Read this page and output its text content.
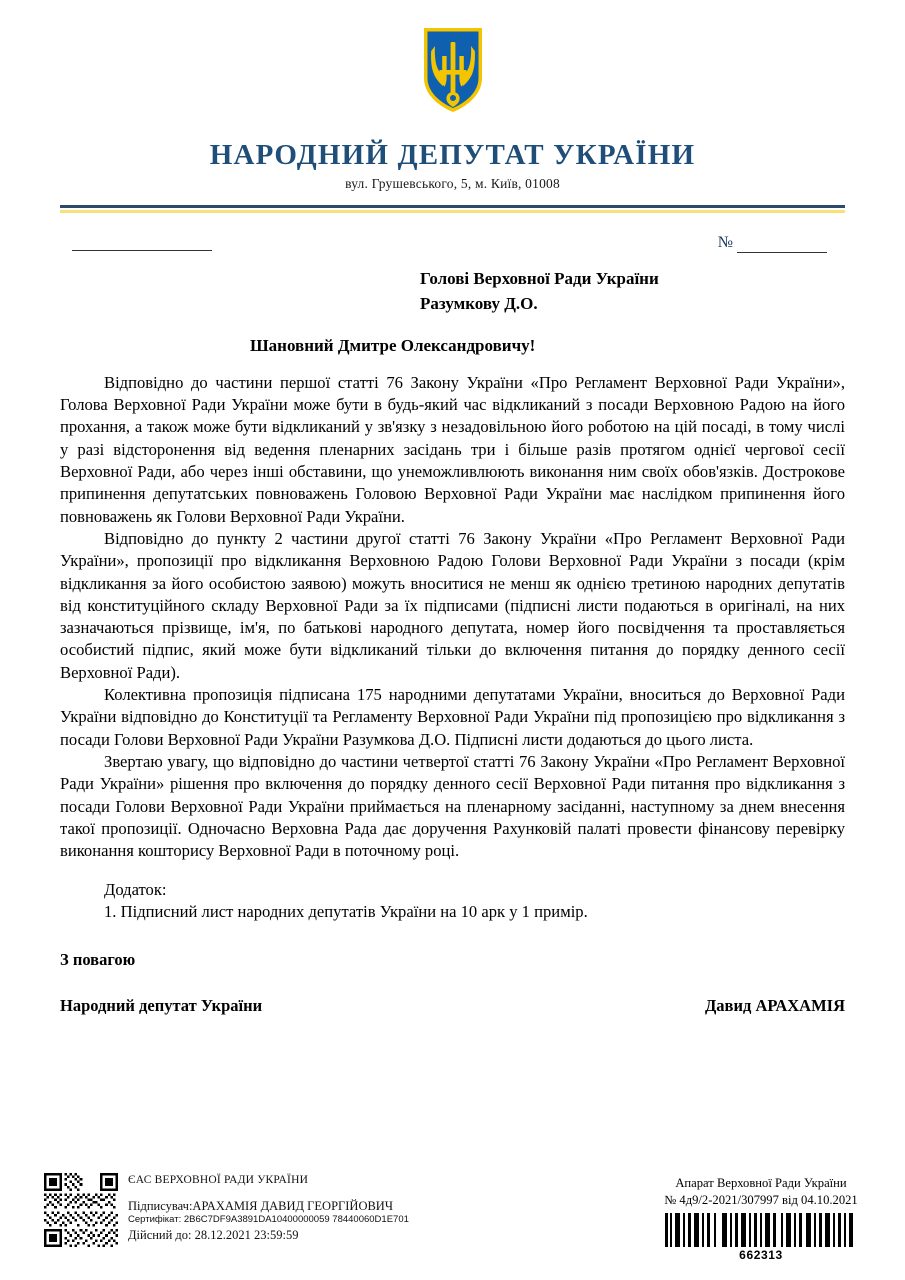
НАРОДНИЙ ДЕПУТАТ УКРАЇНИ
вул. Грушевського, 5, м. Київ, 01008
№
Голові Верховної Ради України
Разумкову Д.О.
Шановний Дмитре Олександровичу!

Відповідно до частини першої статті 76 Закону України «Про Регламент Верховної Ради України», Голова Верховної Ради України може бути в будь-який час відкликаний з посади Верховною Радою на його прохання, а також може бути відкликаний у зв'язку з незадовільною його роботою на цій посаді, в тому числі у разі відсторонення від ведення пленарних засідань три і більше разів протягом однієї чергової сесії Верховної Ради, або через інші обставини, що унеможливлюють виконання ним своїх обов'язків. Дострокове припинення депутатських повноважень Головою Верховної Ради України має наслідком припинення його повноважень як Голови Верховної Ради України.

Відповідно до пункту 2 частини другої статті 76 Закону України «Про Регламент Верховної Ради України», пропозиції про відкликання Верховною Радою Голови Верховної Ради України з посади (крім відкликання за його особистою заявою) можуть вноситися не менш як однією третиною народних депутатів від конституційного складу Верховної Ради за їх підписами (підписні листи подаються в оригіналі, на них зазначаються прізвище, ім'я, по батькові народного депутата, номер його посвідчення та проставляється особистий підпис, який може бути відкликаний тільки до включення питання до порядку денного сесії Верховної Ради).

Колективна пропозиція підписана 175 народними депутатами України, вноситься до Верховної Ради України відповідно до Конституції та Регламенту Верховної Ради України під пропозицією про відкликання з посади Голови Верховної Ради України Разумкова Д.О. Підписні листи додаються до цього листа.

Звертаю увагу, що відповідно до частини четвертої статті 76 Закону України «Про Регламент Верховної Ради України» рішення про включення до порядку денного сесії Верховної Ради питання про відкликання з посади Голови Верховної Ради України приймається на пленарному засіданні, наступному за днем внесення такої пропозиції. Одночасно Верховна Рада дає доручення Рахунковій палаті провести фінансову перевірку виконання кошторису Верховної Ради в поточному році.

Додаток:
1. Підписний лист народних депутатів України на 10 арк у 1 примір.
З повагою
Народний депутат України	Давид АРАХАМІЯ
ЄАС ВЕРХОВНОЇ РАДИ УКРАЇНИ
Підписувач:АРАХАМІЯ ДАВИД ГЕОРГІЙОВИЧ
Сертифікат: 2B6C7DF9A3891DA10400000059 78440060D1E701
Дійсний до: 28.12.2021 23:59:59
Апарат Верховної Ради України
№ 4д9/2-2021/307997 від 04.10.2021
662313
